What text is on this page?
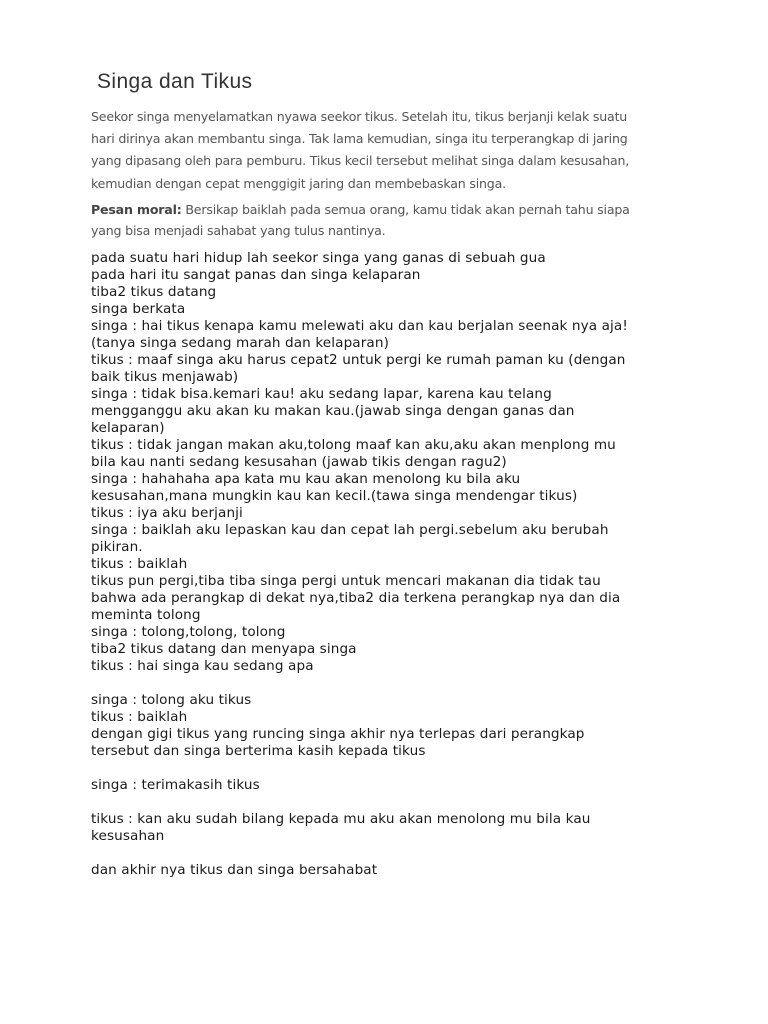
Singa dan Tikus
Seekor singa menyelamatkan nyawa seekor tikus. Setelah itu, tikus berjanji kelak suatu
hari dirinya akan membantu singa. Tak lama kemudian, singa itu terperangkap di jaring
yang dipasang oleh para pemburu. Tikus kecil tersebut melihat singa dalam kesusahan,
kemudian dengan cepat menggigit jaring dan membebaskan singa.
Pesan moral: Bersikap baiklah pada semua orang, kamu tidak akan pernah tahu siapa
yang bisa menjadi sahabat yang tulus nantinya.
pada suatu hari hidup lah seekor singa yang ganas di sebuah gua
pada hari itu sangat panas dan singa kelaparan
tiba2 tikus datang
singa berkata
singa : hai tikus kenapa kamu melewati aku dan kau berjalan seenak nya aja!
(tanya singa sedang marah dan kelaparan)
tikus : maaf singa aku harus cepat2 untuk pergi ke rumah paman ku (dengan
baik tikus menjawab)
singa : tidak bisa.kemari kau! aku sedang lapar, karena kau telang
mengganggu aku akan ku makan kau.(jawab singa dengan ganas dan
kelaparan)
tikus : tidak jangan makan aku,tolong maaf kan aku,aku akan menplong mu
bila kau nanti sedang kesusahan (jawab tikis dengan ragu2)
singa : hahahaha apa kata mu kau akan menolong ku bila aku
kesusahan,mana mungkin kau kan kecil.(tawa singa mendengar tikus)
tikus : iya aku berjanji
singa : baiklah aku lepaskan kau dan cepat lah pergi.sebelum aku berubah
pikiran.
tikus : baiklah
tikus pun pergi,tiba tiba singa pergi untuk mencari makanan dia tidak tau
bahwa ada perangkap di dekat nya,tiba2 dia terkena perangkap nya dan dia
meminta tolong
singa : tolong,tolong, tolong
tiba2 tikus datang dan menyapa singa
tikus : hai singa kau sedang apa
singa : tolong aku tikus
tikus : baiklah
dengan gigi tikus yang runcing singa akhir nya terlepas dari perangkap
tersebut dan singa berterima kasih kepada tikus
singa : terimakasih tikus
tikus : kan aku sudah bilang kepada mu aku akan menolong mu bila kau
kesusahan
dan akhir nya tikus dan singa bersahabat
